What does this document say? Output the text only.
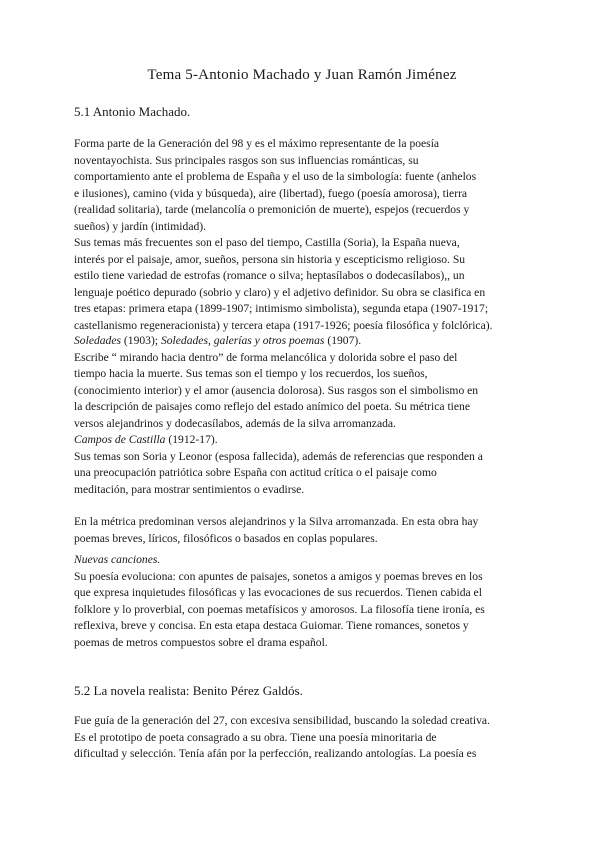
Tema 5-Antonio Machado y Juan Ramón Jiménez
5.1 Antonio Machado.
Forma parte de la Generación del 98 y es el máximo representante de la poesía
noventayochista. Sus principales rasgos son sus influencias románticas, su
comportamiento ante el problema de España y el uso de la simbología: fuente (anhelos
e ilusiones), camino (vida y búsqueda), aire (libertad), fuego (poesía amorosa), tierra
(realidad solitaria), tarde (melancolía o premonición de muerte), espejos (recuerdos y
sueños) y jardín (intimidad).
Sus temas más frecuentes son el paso del tiempo, Castilla (Soria), la España nueva,
interés por el paisaje, amor, sueños, persona sin historia y escepticismo religioso. Su
estilo tiene variedad de estrofas (romance o silva; heptasílabos o dodecasílabos),, un
lenguaje poético depurado (sobrio y claro) y el adjetivo definidor. Su obra se clasifica en
tres etapas: primera etapa (1899-1907; intimismo simbolista), segunda etapa (1907-1917;
castellanismo regeneracionista) y tercera etapa (1917-1926; poesía filosófica y folclórica).
Soledades (1903); Soledades, galerías y otros poemas (1907).
Escribe “ mirando hacia dentro” de forma melancólica y dolorida sobre el paso del
tiempo hacia la muerte. Sus temas son el tiempo y los recuerdos, los sueños,
(conocimiento interior) y el amor (ausencia dolorosa). Sus rasgos son el simbolismo en
la descripción de paisajes como reflejo del estado anímico del poeta. Su métrica tiene
versos alejandrinos y dodecasílabos, además de la silva arromanzada.
Campos de Castilla (1912-17).
Sus temas son Soria y Leonor (esposa fallecida), además de referencias que responden a
una preocupación patriótica sobre España con actitud crítica o el paisaje como
meditación, para mostrar sentimientos o evadirse.
En la métrica predominan versos alejandrinos y la Silva arromanzada. En esta obra hay
poemas breves, líricos, filosóficos o basados en coplas populares.
Nuevas canciones.
Su poesía evoluciona: con apuntes de paisajes, sonetos a amigos y poemas breves en los
que expresa inquietudes filosóficas y las evocaciones de sus recuerdos. Tienen cabida el
folklore y lo proverbial, con poemas metafísicos y amorosos. La filosofía tiene ironía, es
reflexiva, breve y concisa. En esta etapa destaca Guiomar. Tiene romances, sonetos y
poemas de metros compuestos sobre el drama español.
5.2 La novela realista: Benito Pérez Galdós.
Fue guía de la generación del 27, con excesiva sensibilidad, buscando la soledad creativa.
Es el prototipo de poeta consagrado a su obra. Tiene una poesía minoritaria de
dificultad y selección. Tenía afán por la perfección, realizando antologías. La poesía es
